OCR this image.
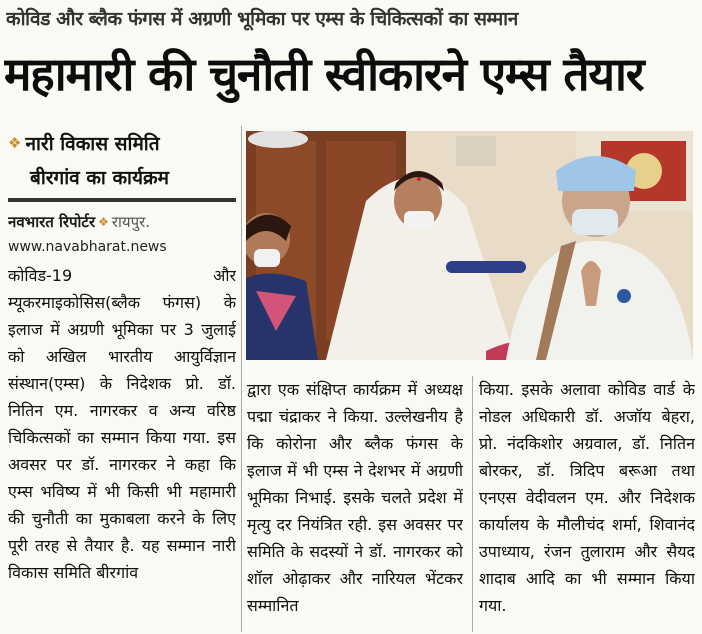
कोविड और ब्लैक फंगस में अग्रणी भूमिका पर एम्स के चिकित्सकों का सम्मान
महामारी की चुनौती स्वीकारने एम्स तैयार
❖ नारी विकास समिति
बीरगांव का कार्यक्रम
नवभारत रिपोर्टर ❖ रायपुर.
www.navabharat.news
कोविड-19 और म्यूकरमाइकोसिस(ब्लैक फंगस) के इलाज में अग्रणी भूमिका पर 3 जुलाई को अखिल भारतीय आयुर्विज्ञान संस्थान(एम्स) के निदेशक प्रो. डॉ. नितिन एम. नागरकर व अन्य वरिष्ठ चिकित्सकों का सम्मान किया गया. इस अवसर पर डॉ. नागरकर ने कहा कि एम्स भविष्य में भी किसी भी महामारी की चुनौती का मुकाबला करने के लिए पूरी तरह से तैयार है. यह सम्मान नारी विकास समिति बीरगांव
द्वारा एक संक्षिप्त कार्यक्रम में अध्यक्ष पद्मा चंद्राकर ने किया. उल्लेखनीय है कि कोरोना और ब्लैक फंगस के इलाज में भी एम्स ने देशभर में अग्रणी भूमिका निभाई. इसके चलते प्रदेश में मृत्यु दर नियंत्रित रही. इस अवसर पर समिति के सदस्यों ने डॉ. नागरकर को शॉल ओढ़ाकर और नारियल भेंटकर सम्मानित
किया. इसके अलावा कोविड वार्ड के नोडल अधिकारी डॉ. अजॉय बेहरा, प्रो. नंदकिशोर अग्रवाल, डॉ. नितिन बोरकर, डॉ. त्रिदिप बरूआ तथा एनएस वेदीवलन एम. और निदेशक कार्यालय के मौलीचंद शर्मा, शिवानंद उपाध्याय, रंजन तुलाराम और सैयद शादाब आदि का भी सम्मान किया गया.
